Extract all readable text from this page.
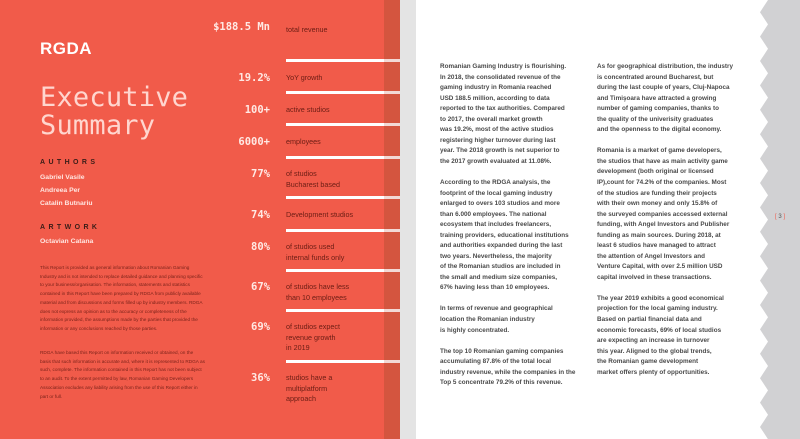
RGDA
Executive
Summary
AUTHORS
Gabriel Vasile
Andreea Per
Catalin Butnariu
ARTWORK
Octavian Catana
This Report is provided as general information about Romanian Gaming Industry and is not intended to replace detailed guidance and planning specific to your business/organisation. The information, statements and statistics contained in this Report have been prepared by RDGA from publicly available material and from discussions and forms filled up by industry members. RDGA does not express an opinion as to the accuracy or completeness of the information provided, the assumptions made by the parties that provided the information or any conclusions reached by those parties.
RDGA have based this Report on information received or obtained, on the basis that such information is accurate and, where it is represented to RDGA as such, complete. The information contained in this Report has not been subject to an audit. To the extent permitted by law, Romanian Gaming Developers Association excludes any liability arising from the use of this Report either in part or full.
$188.5 Mn total revenue
19.2% YoY growth
100+ active studios
6000+ employees
77% of studios
Bucharest based
74% Development studios
80% of studios used
internal funds only
67% of studios have less
than 10 employees
69% of studios expect
revenue growth
in 2019
36% studios have a
multiplatform
approach

Romanian Gaming Industry is flourishing.
In 2018, the consolidated revenue of the
gaming industry in Romania reached
USD 188.5 million, according to data
reported to the tax authorities. Compared
to 2017, the overall market growth
was 19.2%, most of the active studios
registering higher turnover during last
year. The 2018 growth is net superior to
the 2017 growth evaluated at 11.08%.

According to the RDGA analysis, the
footprint of the local gaming industry
enlarged to overs 103 studios and more
than 6.000 employees. The national
ecosystem that includes freelancers,
training providers, educational institutions
and authorities expanded during the last
two years. Nevertheless, the majority
of the Romanian studios are included in
the small and medium size companies,
67% having less than 10 employees.

In terms of revenue and geographical
location the Romanian industry
is highly concentrated.

The top 10 Romanian gaming companies
accumulating 87.8% of the total local
industry revenue, while the companies in the
Top 5 concentrate 79.2% of this revenue.

As for geographical distribution, the industry
is concentrated around Bucharest, but
during the last couple of years, Cluj-Napoca
and Timişoara have attracted a growing
number of gaming companies, thanks to
the quality of the univerisity graduates
and the openness to the digital economy.

Romania is a market of game developers,
the studios that have as main activity game
development (both original or licensed
IP),count for 74.2% of the companies. Most
of the studios are funding their projects
with their own money and only 15.8% of
the surveyed companies accessed external
funding, with Angel Investors and Publisher
funding as main sources. During 2018, at
least 6 studios have managed to attract
the attention of Angel Investors and
Venture Capital, with over 2.5 million USD
capital involved in these transactions.

The year 2019 exhibits a good economical
projection for the local gaming industry.
Based on partial financial data and
economic forecasts, 69% of local studios
are expecting an increase in turnover
this year. Aligned to the global trends,
the Romanian game development
market offers plenty of opportunities.

[ 3 ]
